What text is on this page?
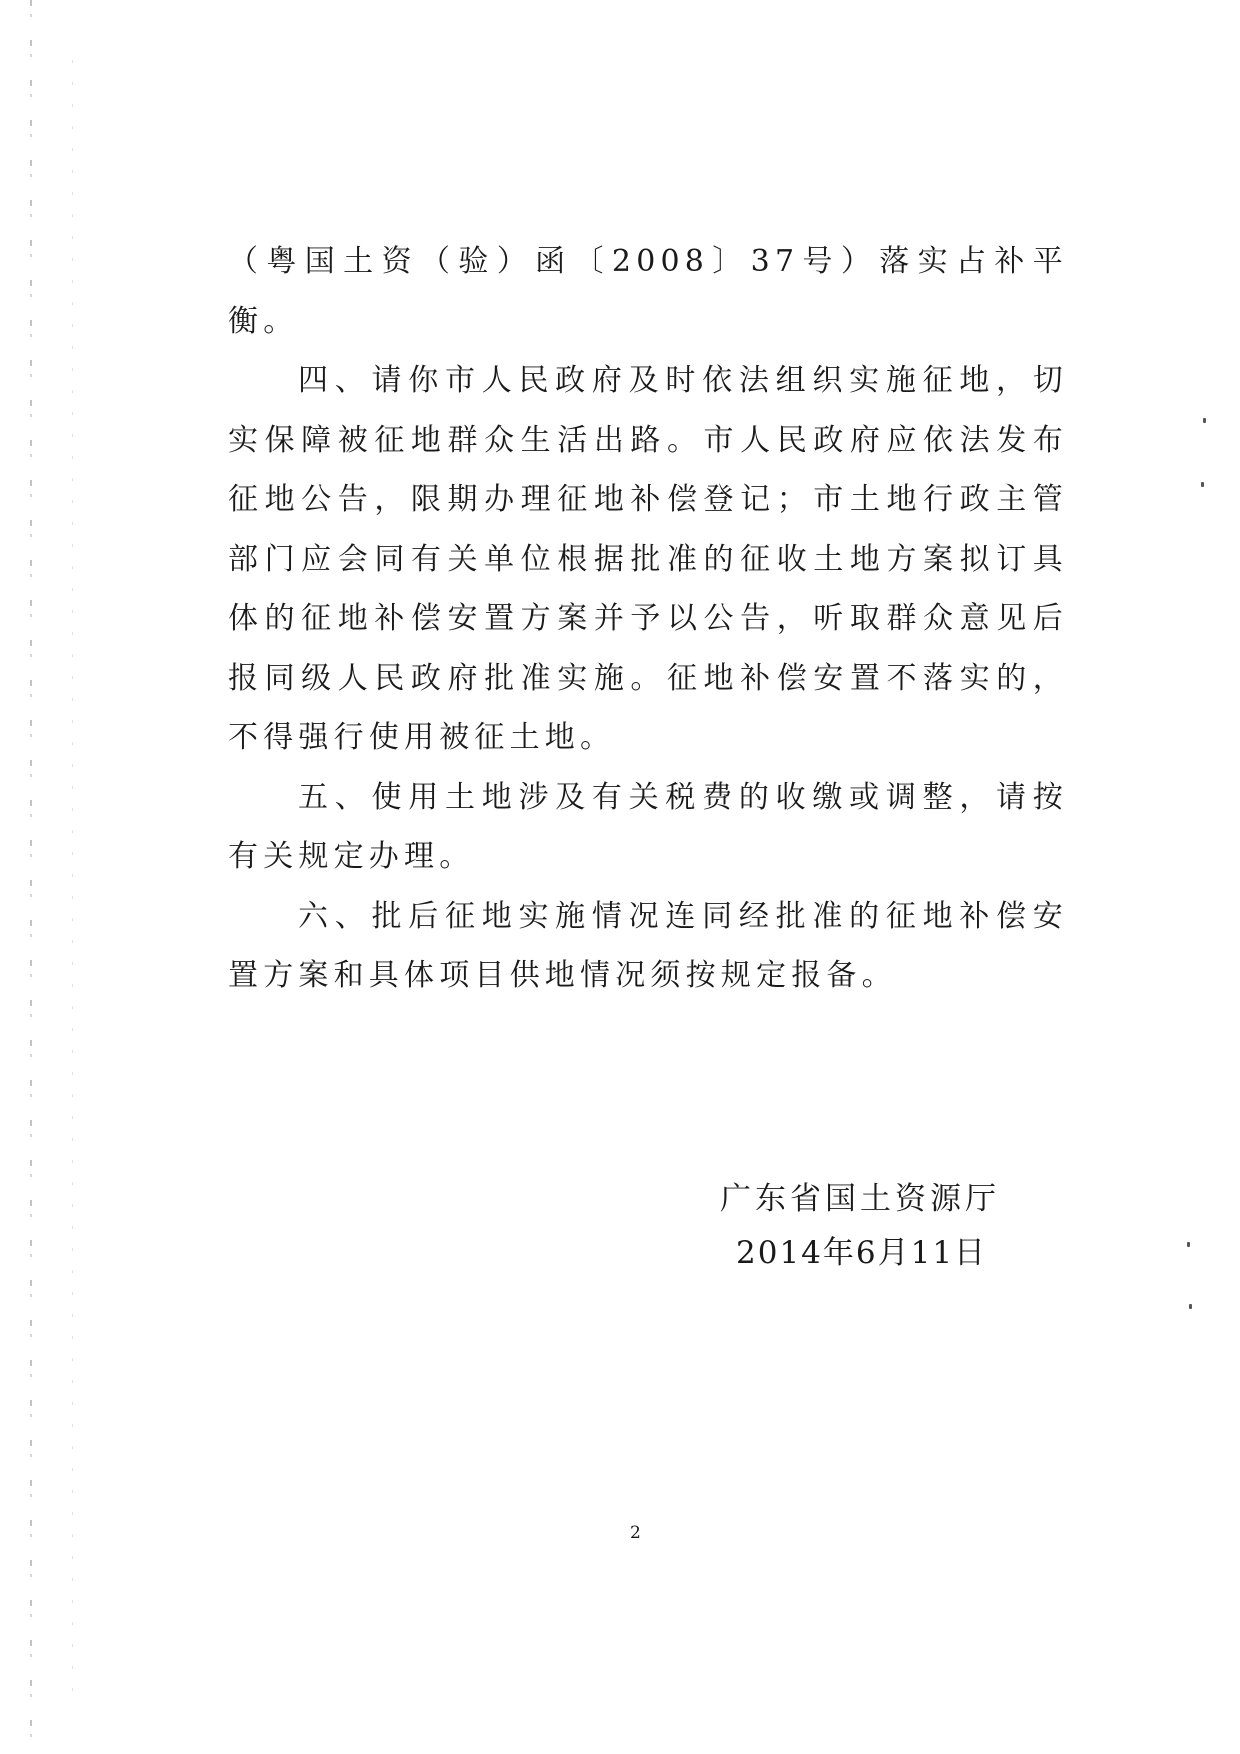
（粤国土资（验）函〔2008〕37号）落实占补平衡。

四、请你市人民政府及时依法组织实施征地，切实保障被征地群众生活出路。市人民政府应依法发布征地公告，限期办理征地补偿登记；市土地行政主管部门应会同有关单位根据批准的征收土地方案拟订具体的征地补偿安置方案并予以公告，听取群众意见后报同级人民政府批准实施。征地补偿安置不落实的，不得强行使用被征土地。

五、使用土地涉及有关税费的收缴或调整，请按有关规定办理。

六、批后征地实施情况连同经批准的征地补偿安置方案和具体项目供地情况须按规定报备。

广东省国土资源厅
2014年6月11日
2
